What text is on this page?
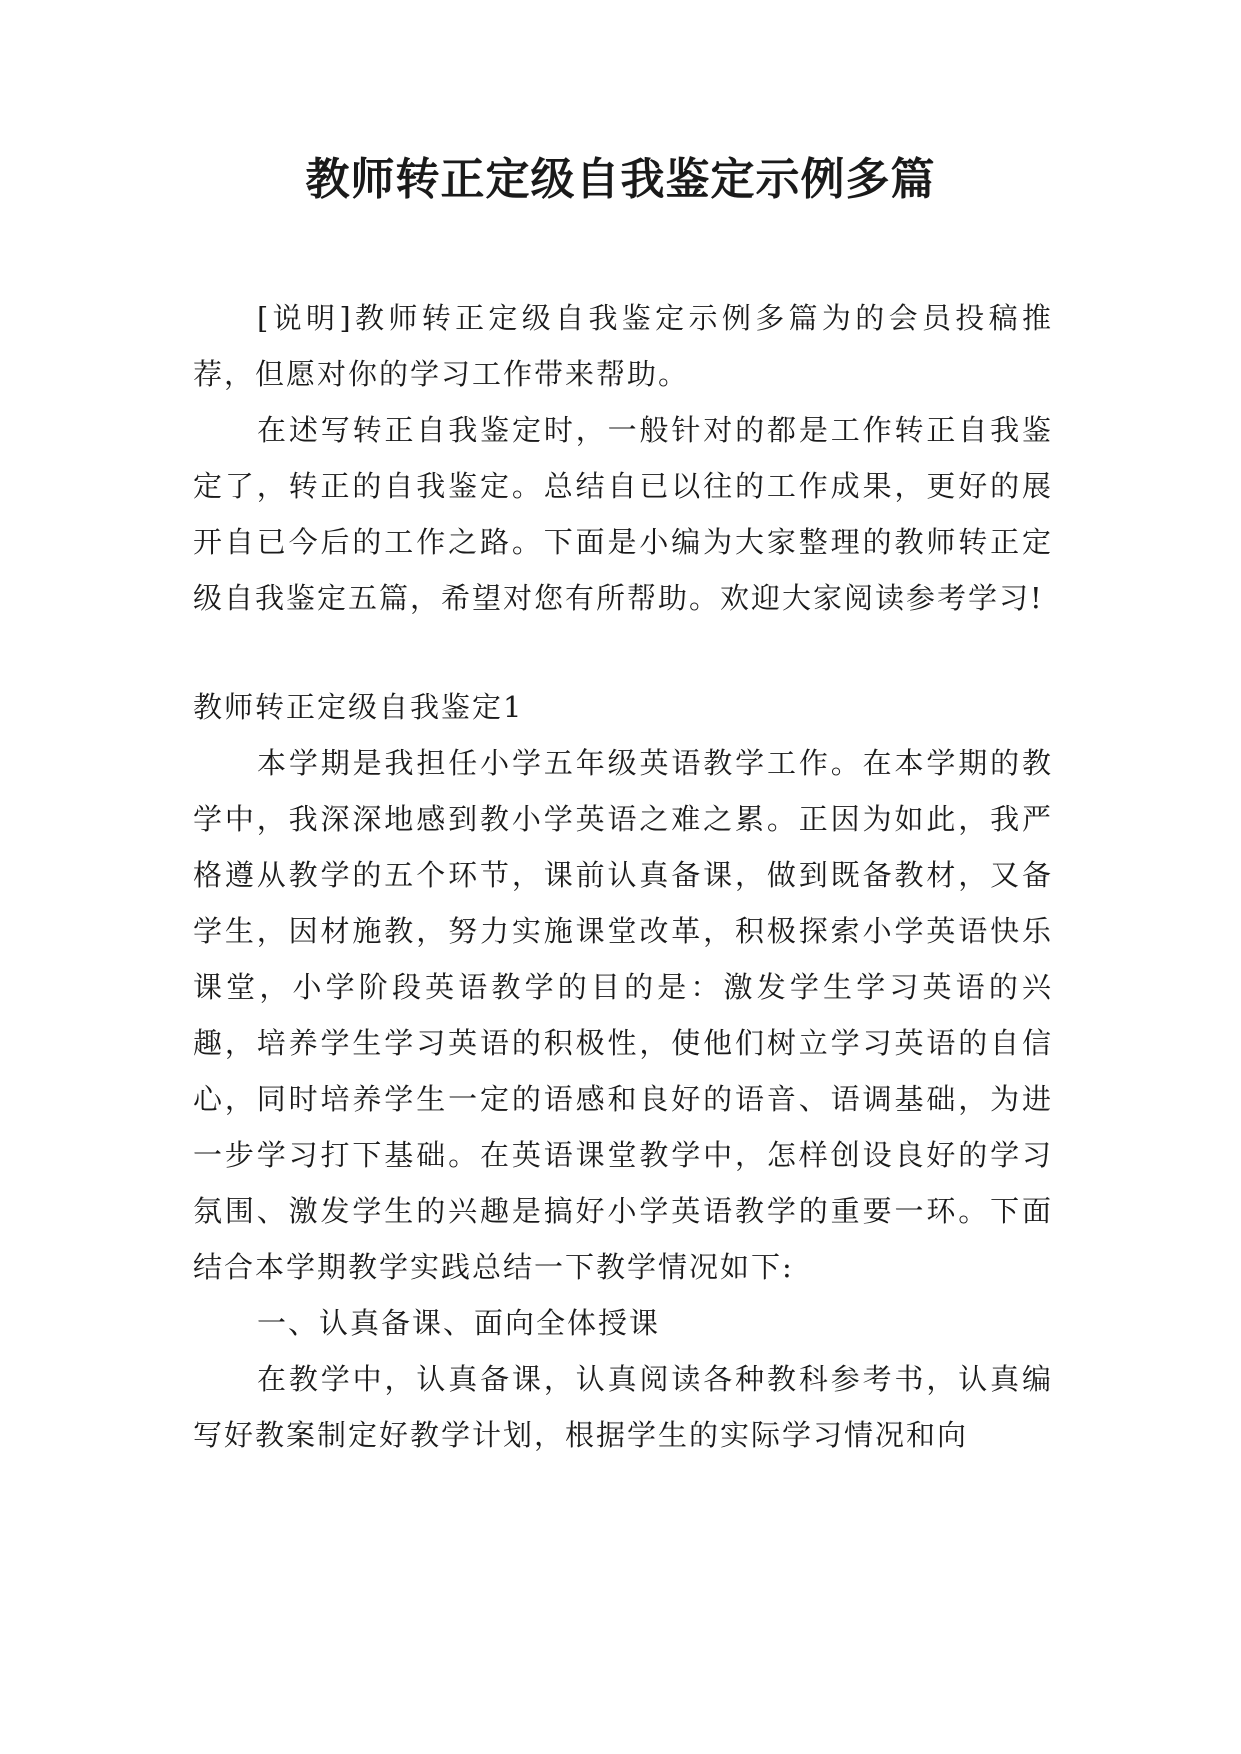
教师转正定级自我鉴定示例多篇

[说明]教师转正定级自我鉴定示例多篇为的会员投稿推荐，但愿对你的学习工作带来帮助。

在述写转正自我鉴定时，一般针对的都是工作转正自我鉴定了，转正的自我鉴定。总结自已以往的工作成果，更好的展开自已今后的工作之路。下面是小编为大家整理的教师转正定级自我鉴定五篇，希望对您有所帮助。欢迎大家阅读参考学习!

教师转正定级自我鉴定1

本学期是我担任小学五年级英语教学工作。在本学期的教学中，我深深地感到教小学英语之难之累。正因为如此，我严格遵从教学的五个环节，课前认真备课，做到既备教材，又备学生，因材施教，努力实施课堂改革，积极探索小学英语快乐课堂，小学阶段英语教学的目的是：激发学生学习英语的兴趣，培养学生学习英语的积极性，使他们树立学习英语的自信心，同时培养学生一定的语感和良好的语音、语调基础，为进一步学习打下基础。在英语课堂教学中，怎样创设良好的学习氛围、激发学生的兴趣是搞好小学英语教学的重要一环。下面结合本学期教学实践总结一下教学情况如下:

一、认真备课、面向全体授课

在教学中，认真备课，认真阅读各种教科参考书，认真编写好教案制定好教学计划，根据学生的实际学习情况和向
